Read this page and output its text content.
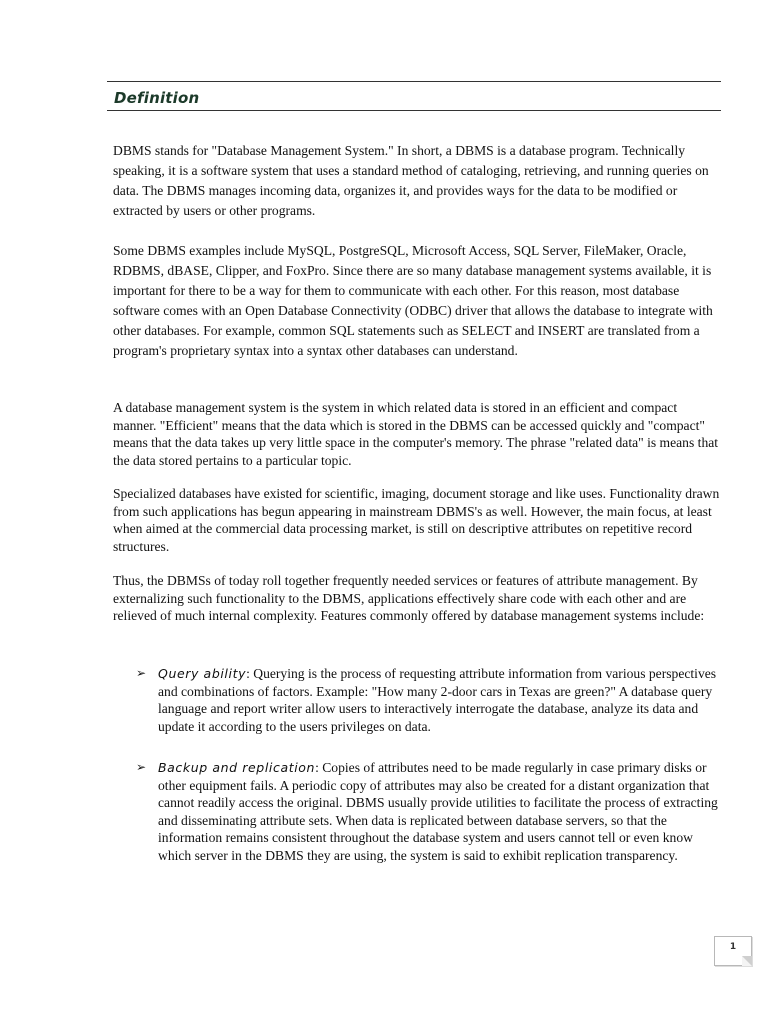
Definition

DBMS stands for "Database Management System." In short, a DBMS is a database program. Technically speaking, it is a software system that uses a standard method of cataloging, retrieving, and running queries on data. The DBMS manages incoming data, organizes it, and provides ways for the data to be modified or extracted by users or other programs.

Some DBMS examples include MySQL, PostgreSQL, Microsoft Access, SQL Server, FileMaker, Oracle, RDBMS, dBASE, Clipper, and FoxPro. Since there are so many database management systems available, it is important for there to be a way for them to communicate with each other. For this reason, most database software comes with an Open Database Connectivity (ODBC) driver that allows the database to integrate with other databases. For example, common SQL statements such as SELECT and INSERT are translated from a program's proprietary syntax into a syntax other databases can understand.

A database management system is the system in which related data is stored in an efficient and compact manner. "Efficient" means that the data which is stored in the DBMS can be accessed quickly and "compact" means that the data takes up very little space in the computer's memory. The phrase "related data" is means that the data stored pertains to a particular topic.

Specialized databases have existed for scientific, imaging, document storage and like uses. Functionality drawn from such applications has begun appearing in mainstream DBMS's as well. However, the main focus, at least when aimed at the commercial data processing market, is still on descriptive attributes on repetitive record structures.

Thus, the DBMSs of today roll together frequently needed services or features of attribute management. By externalizing such functionality to the DBMS, applications effectively share code with each other and are relieved of much internal complexity. Features commonly offered by database management systems include:

➢ Query ability: Querying is the process of requesting attribute information from various perspectives and combinations of factors. Example: "How many 2-door cars in Texas are green?" A database query language and report writer allow users to interactively interrogate the database, analyze its data and update it according to the users privileges on data.
➢ Backup and replication: Copies of attributes need to be made regularly in case primary disks or other equipment fails. A periodic copy of attributes may also be created for a distant organization that cannot readily access the original. DBMS usually provide utilities to facilitate the process of extracting and disseminating attribute sets. When data is replicated between database servers, so that the information remains consistent throughout the database system and users cannot tell or even know which server in the DBMS they are using, the system is said to exhibit replication transparency.
1
